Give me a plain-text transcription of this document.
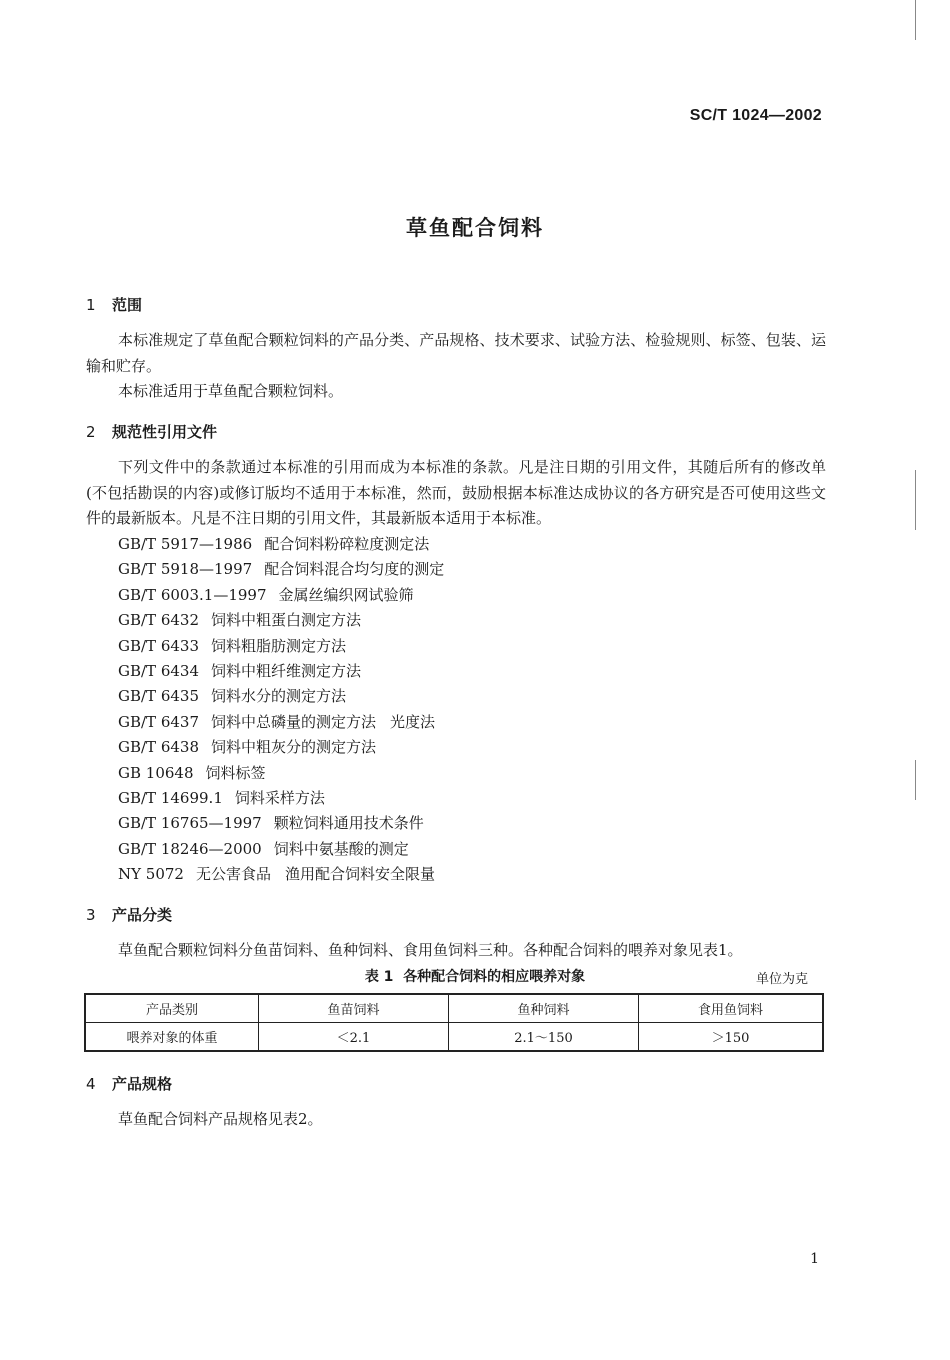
SC/T 1024—2002
草鱼配合饲料
1 范围

本标准规定了草鱼配合颗粒饲料的产品分类、产品规格、技术要求、试验方法、检验规则、标签、包装、运输和贮存。

本标准适用于草鱼配合颗粒饲料。

2 规范性引用文件

下列文件中的条款通过本标准的引用而成为本标准的条款。凡是注日期的引用文件，其随后所有的修改单(不包括勘误的内容)或修订版均不适用于本标准，然而，鼓励根据本标准达成协议的各方研究是否可使用这些文件的最新版本。凡是不注日期的引用文件，其最新版本适用于本标准。

GB/T 5917—1986 配合饲料粉碎粒度测定法
GB/T 5918—1997 配合饲料混合均匀度的测定
GB/T 6003.1—1997 金属丝编织网试验筛
GB/T 6432 饲料中粗蛋白测定方法
GB/T 6433 饲料粗脂肪测定方法
GB/T 6434 饲料中粗纤维测定方法
GB/T 6435 饲料水分的测定方法
GB/T 6437 饲料中总磷量的测定方法 光度法
GB/T 6438 饲料中粗灰分的测定方法
GB 10648 饲料标签
GB/T 14699.1 饲料采样方法
GB/T 16765—1997 颗粒饲料通用技术条件
GB/T 18246—2000 饲料中氨基酸的测定
NY 5072 无公害食品 渔用配合饲料安全限量
3 产品分类

草鱼配合颗粒饲料分鱼苗饲料、鱼种饲料、食用鱼饲料三种。各种配合饲料的喂养对象见表1。

表 1 各种配合饲料的相应喂养对象	单位为克
产品类别	鱼苗饲料	鱼种饲料	食用鱼饲料
喂养对象的体重	＜2.1	2.1～150	＞150
4 产品规格

草鱼配合饲料产品规格见表2。

1
